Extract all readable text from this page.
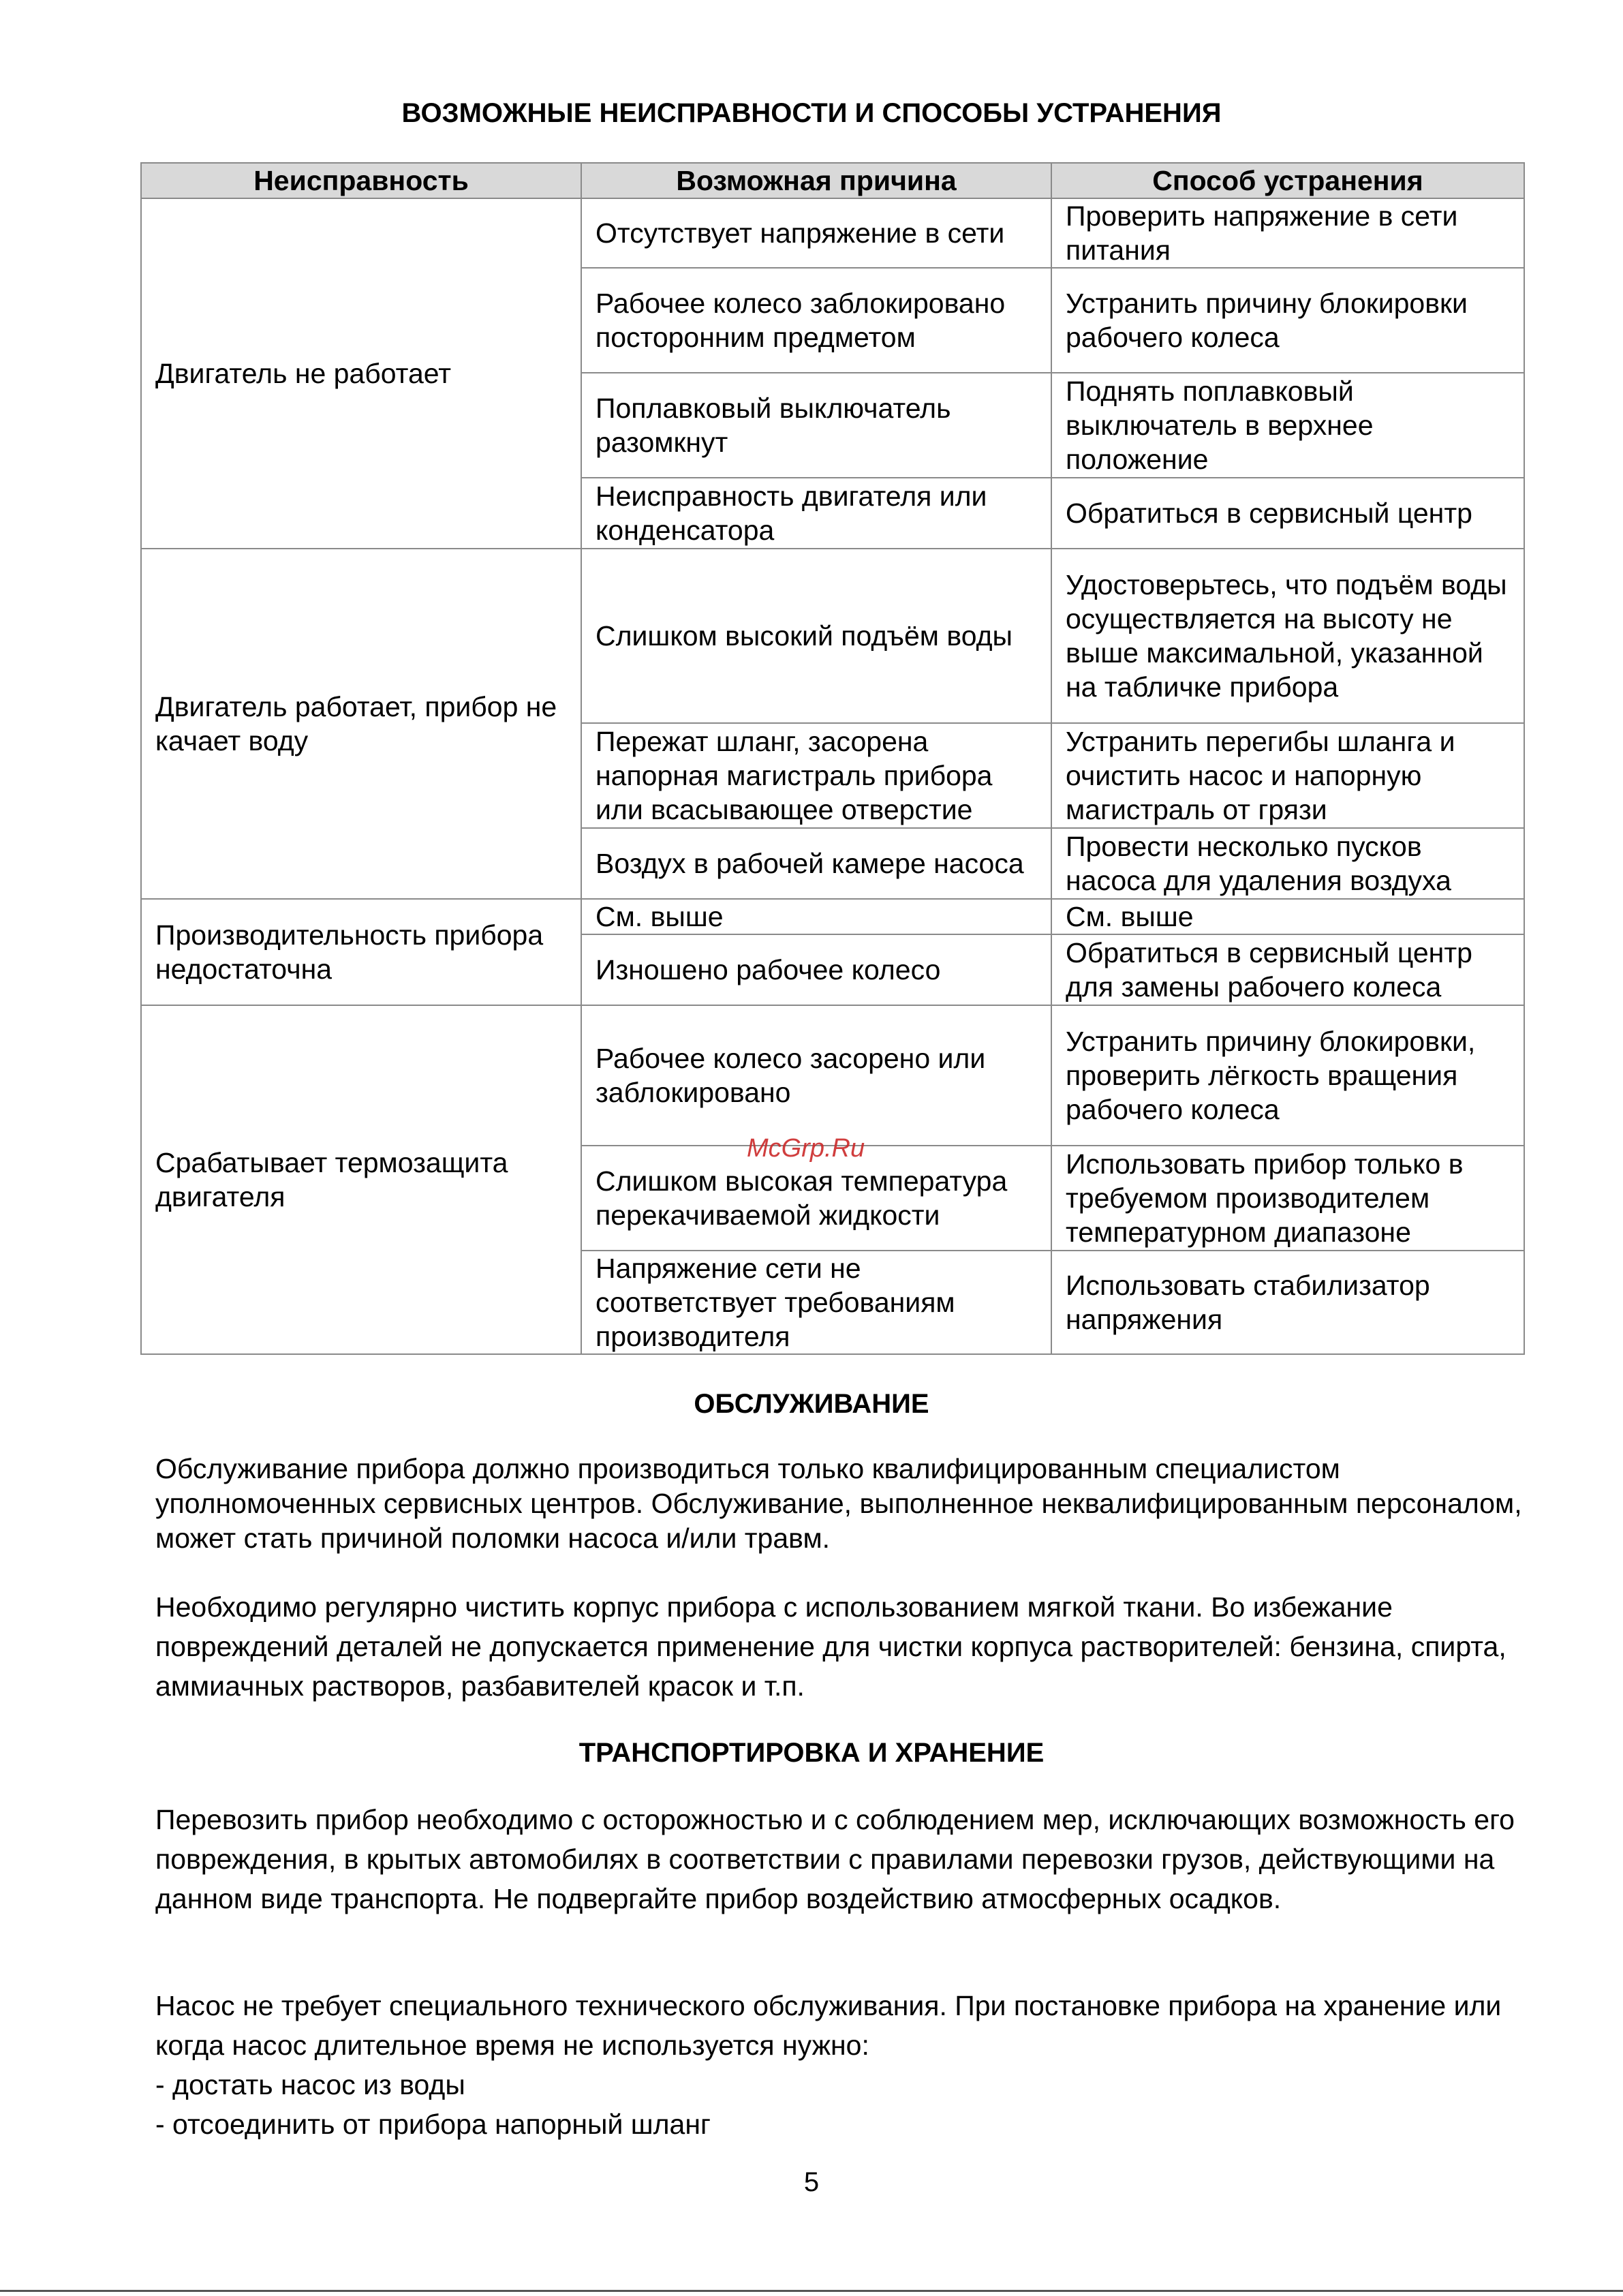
ВОЗМОЖНЫЕ НЕИСПРАВНОСТИ И СПОСОБЫ УСТРАНЕНИЯ
Неисправность	Возможная причина	Способ устранения
Двигатель не работает	Отсутствует напряжение в сети	Проверить напряжение в сети питания
	Рабочее колесо заблокировано посторонним предметом	Устранить причину блокировки рабочего колеса
	Поплавковый выключатель разомкнут	Поднять поплавковый выключатель в верхнее положение
	Неисправность двигателя или конденсатора	Обратиться в сервисный центр
Двигатель работает, прибор не качает воду	Слишком высокий подъём воды	Удостоверьтесь, что подъём воды осуществляется на высоту не выше максимальной, указанной на табличке прибора
	Пережат шланг, засорена напорная магистраль прибора или всасывающее отверстие	Устранить перегибы шланга и очистить насос и напорную магистраль от грязи
	Воздух в рабочей камере насоса	Провести несколько пусков насоса для удаления воздуха
Производительность прибора недостаточна	См. выше	См. выше
	Изношено рабочее колесо	Обратиться в сервисный центр для замены рабочего колеса
Срабатывает термозащита двигателя	Рабочее колесо засорено или заблокировано	Устранить причину блокировки, проверить лёгкость вращения рабочего колеса
	Слишком высокая температура перекачиваемой жидкости	Использовать прибор только в требуемом производителем температурном диапазоне
	Напряжение сети не соответствует требованиям производителя	Использовать стабилизатор напряжения
McGrp.Ru
ОБСЛУЖИВАНИЕ

Обслуживание прибора должно производиться только квалифицированным специалистом уполномоченных сервисных центров. Обслуживание, выполненное неквалифицированным персоналом, может стать причиной поломки насоса и/или травм.

Необходимо регулярно чистить корпус прибора с использованием мягкой ткани. Во избежание повреждений деталей не допускается применение для чистки корпуса растворителей: бензина, спирта, аммиачных растворов, разбавителей красок и т.п.

ТРАНСПОРТИРОВКА И ХРАНЕНИЕ

Перевозить прибор необходимо с осторожностью и с соблюдением мер, исключающих возможность его повреждения, в крытых автомобилях в соответствии с правилами перевозки грузов, действующими на данном виде транспорта. Не подвергайте прибор воздействию атмосферных осадков.

Насос не требует специального технического обслуживания. При постановке прибора на хранение или когда насос длительное время не используется нужно:
- достать насос из воды
- отсоединить от прибора напорный шланг
5
